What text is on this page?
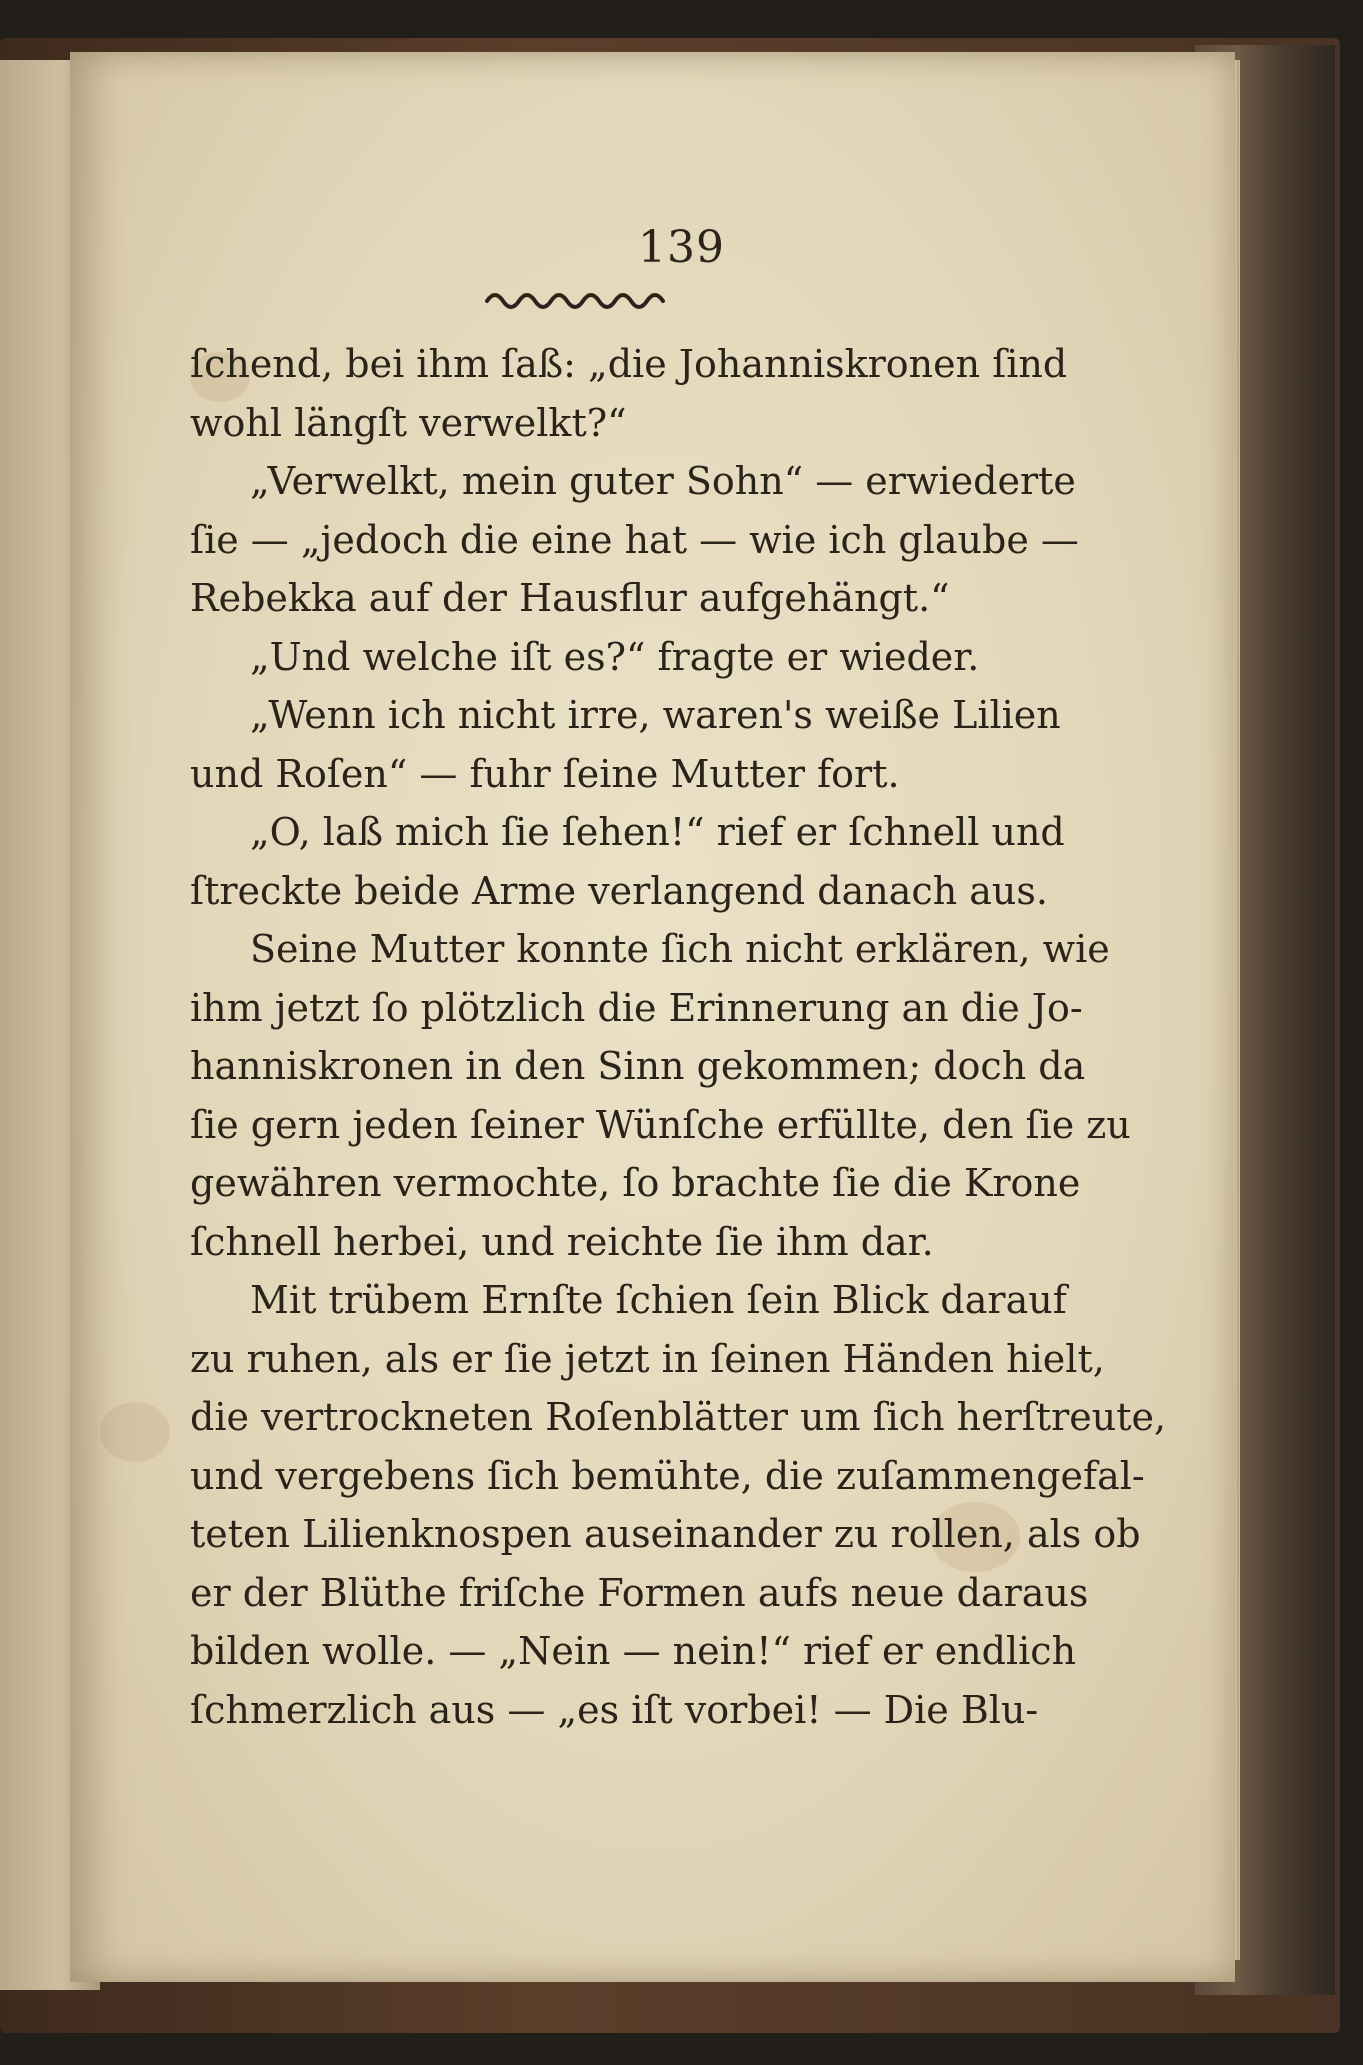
139
ſchend, bei ihm ſaß: „die Johanniskronen ſind
wohl längſt verwelkt?“
„Verwelkt, mein guter Sohn“ — erwiederte
ſie — „jedoch die eine hat — wie ich glaube —
Rebekka auf der Hausflur aufgehängt.“
„Und welche iſt es?“ fragte er wieder.
„Wenn ich nicht irre, waren's weiße Lilien
und Roſen“ — fuhr ſeine Mutter fort.
„O, laß mich ſie ſehen!“ rief er ſchnell und
ſtreckte beide Arme verlangend danach aus.
Seine Mutter konnte ſich nicht erklären, wie
ihm jetzt ſo plötzlich die Erinnerung an die Jo-
hanniskronen in den Sinn gekommen; doch da
ſie gern jeden ſeiner Wünſche erfüllte, den ſie zu
gewähren vermochte, ſo brachte ſie die Krone
ſchnell herbei, und reichte ſie ihm dar.
Mit trübem Ernſte ſchien ſein Blick darauf
zu ruhen, als er ſie jetzt in ſeinen Händen hielt,
die vertrockneten Roſenblätter um ſich herſtreute,
und vergebens ſich bemühte, die zuſammengefal-
teten Lilienknospen auseinander zu rollen, als ob
er der Blüthe friſche Formen aufs neue daraus
bilden wolle. — „Nein — nein!“ rief er endlich
ſchmerzlich aus — „es iſt vorbei! — Die Blu-
